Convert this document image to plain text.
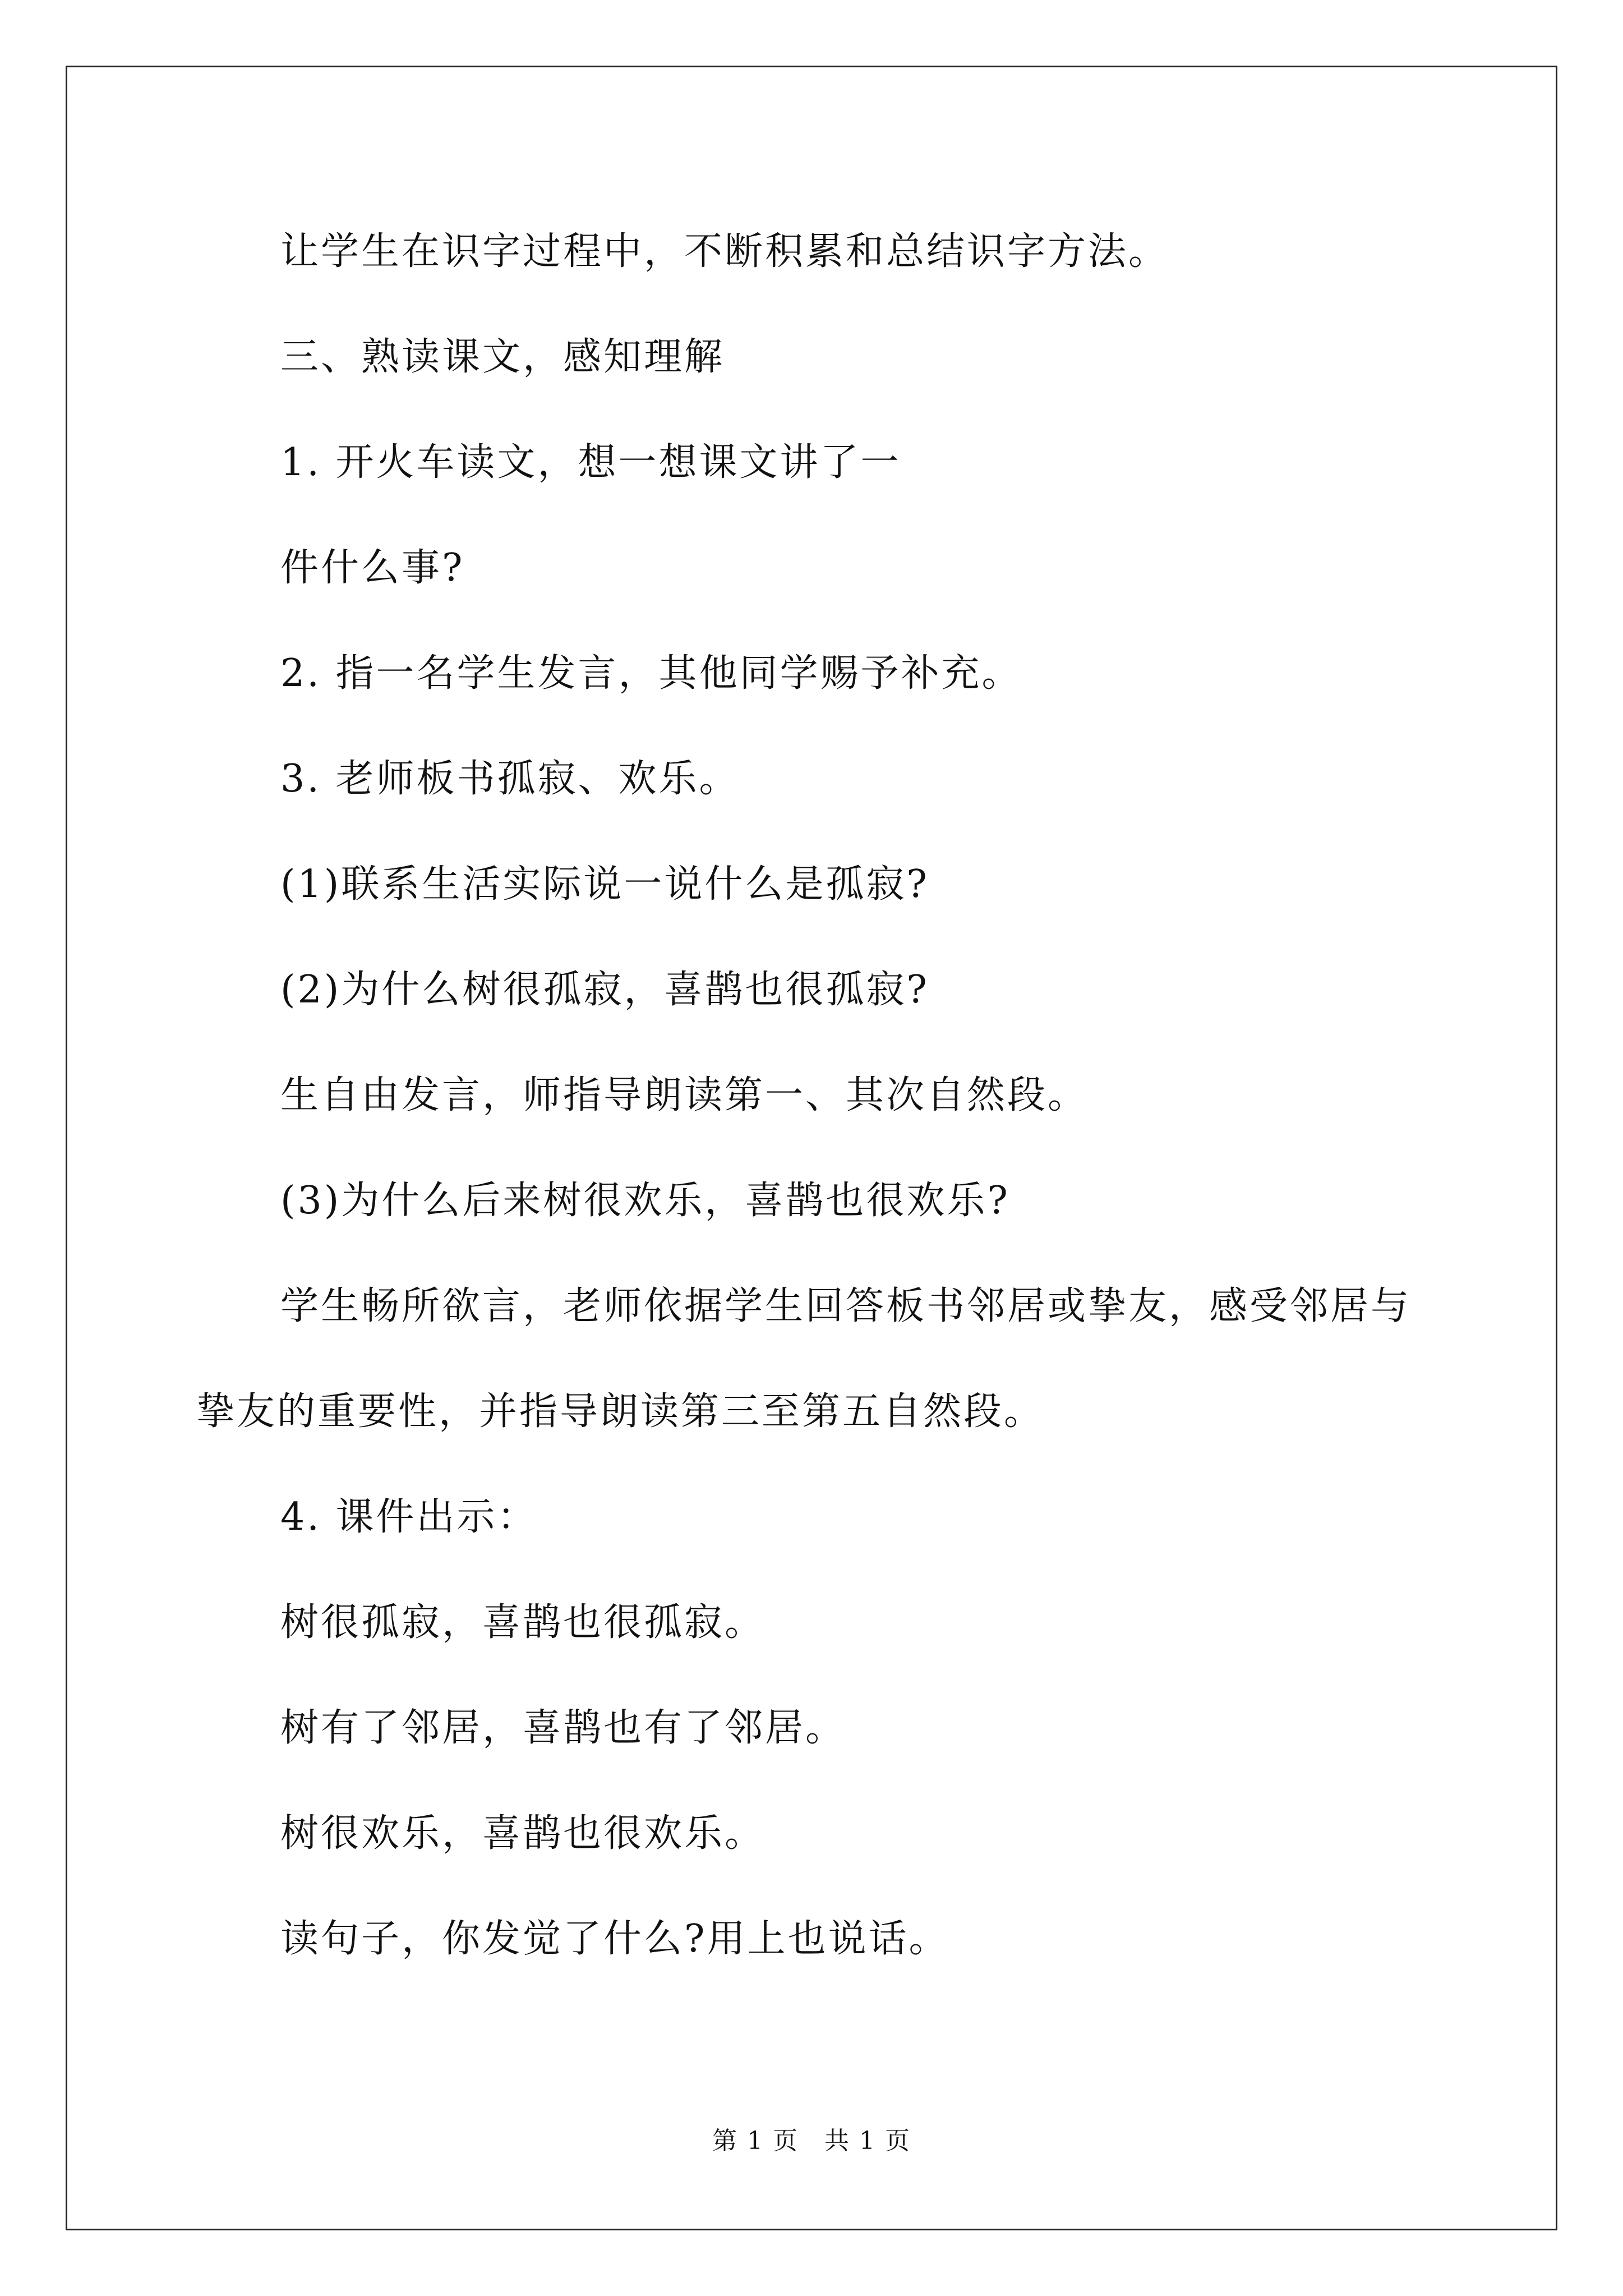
让学生在识字过程中，不断积累和总结识字方法。
三、熟读课文，感知理解
1. 开火车读文，想一想课文讲了一
件什么事?
2. 指一名学生发言，其他同学赐予补充。
3. 老师板书孤寂、欢乐。
(1)联系生活实际说一说什么是孤寂?
(2)为什么树很孤寂，喜鹊也很孤寂?
生自由发言，师指导朗读第一、其次自然段。
(3)为什么后来树很欢乐，喜鹊也很欢乐?
学生畅所欲言，老师依据学生回答板书邻居或挚友，感受邻居与
挚友的重要性，并指导朗读第三至第五自然段。
4. 课件出示：
树很孤寂，喜鹊也很孤寂。
树有了邻居，喜鹊也有了邻居。
树很欢乐，喜鹊也很欢乐。
读句子，你发觉了什么?用上也说话。
第 1 页　共 1 页
